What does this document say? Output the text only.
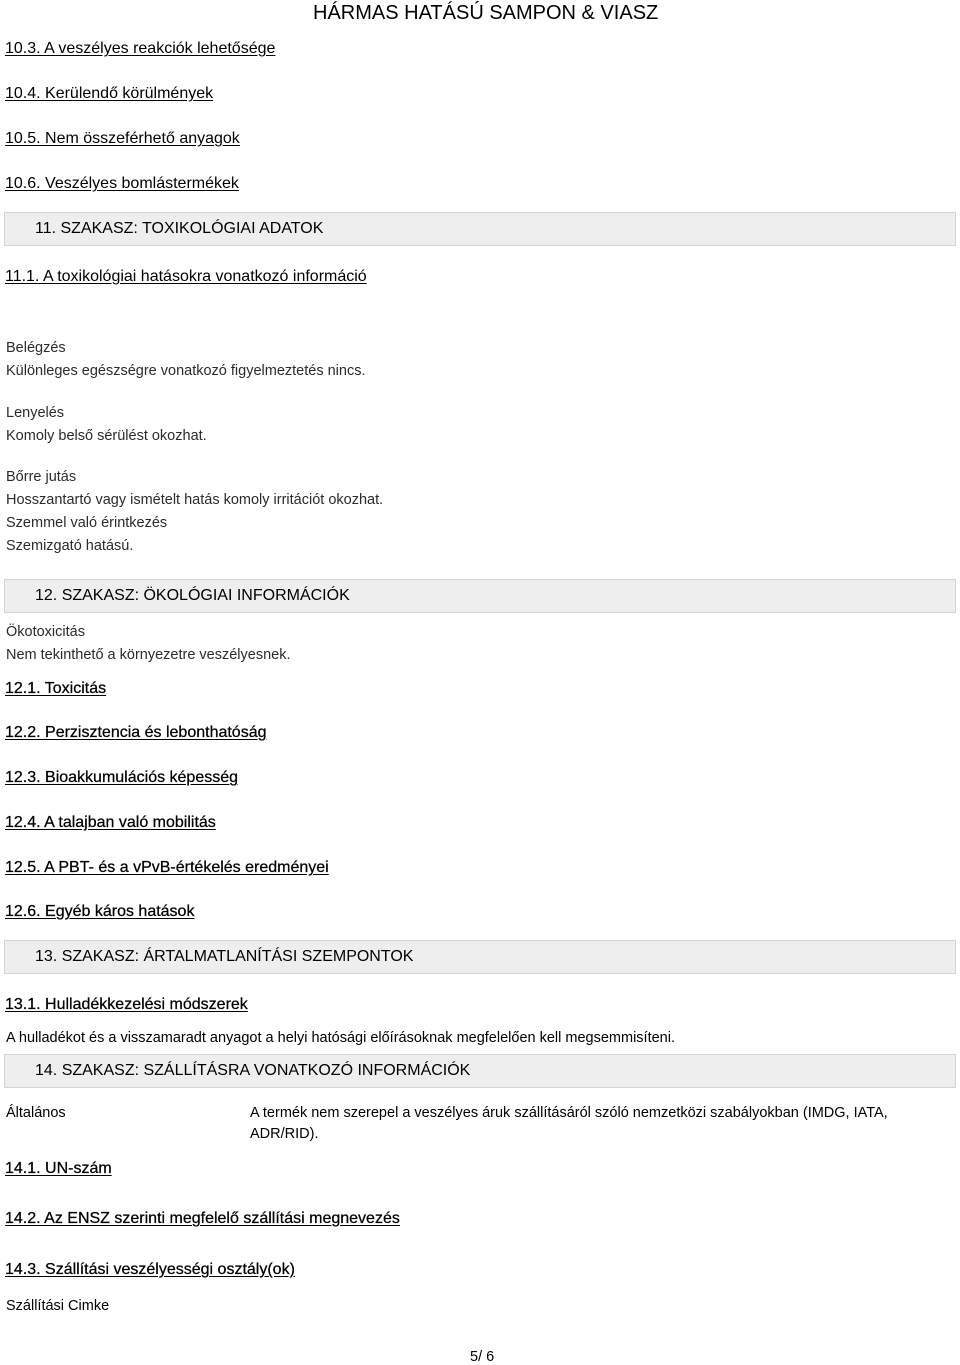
HÁRMAS HATÁSÚ SAMPON & VIASZ
10.3. A veszélyes reakciók lehetősége
10.4. Kerülendő körülmények
10.5. Nem összeférhető anyagok
10.6. Veszélyes bomlástermékek
11. SZAKASZ: TOXIKOLÓGIAI ADATOK
11.1. A toxikológiai hatásokra vonatkozó információ
Belégzés
Különleges egészségre vonatkozó figyelmeztetés nincs.
Lenyelés
Komoly belső sérülést okozhat.
Bőrre jutás
Hosszantartó vagy ismételt hatás komoly irritációt okozhat.
Szemmel való érintkezés
Szemizgató hatású.
12. SZAKASZ: ÖKOLÓGIAI INFORMÁCIÓK
Ökotoxicitás
Nem tekinthető a környezetre veszélyesnek.
12.1. Toxicitás
12.2. Perzisztencia és lebonthatóság
12.3. Bioakkumulációs képesség
12.4. A talajban való mobilitás
12.5. A PBT- és a vPvB-értékelés eredményei
12.6. Egyéb káros hatások
13. SZAKASZ: ÁRTALMATLANÍTÁSI SZEMPONTOK
13.1. Hulladékkezelési módszerek
A hulladékot és a visszamaradt anyagot a helyi hatósági előírásoknak megfelelően kell megsemmisíteni.
14. SZAKASZ: SZÁLLÍTÁSRA VONATKOZÓ INFORMÁCIÓK
Általános	A termék nem szerepel a veszélyes áruk szállításáról szóló nemzetközi szabályokban (IMDG, IATA, ADR/RID).
14.1. UN-szám
14.2. Az ENSZ szerinti megfelelő szállítási megnevezés
14.3. Szállítási veszélyességi osztály(ok)
Szállítási Cimke
5/ 6
